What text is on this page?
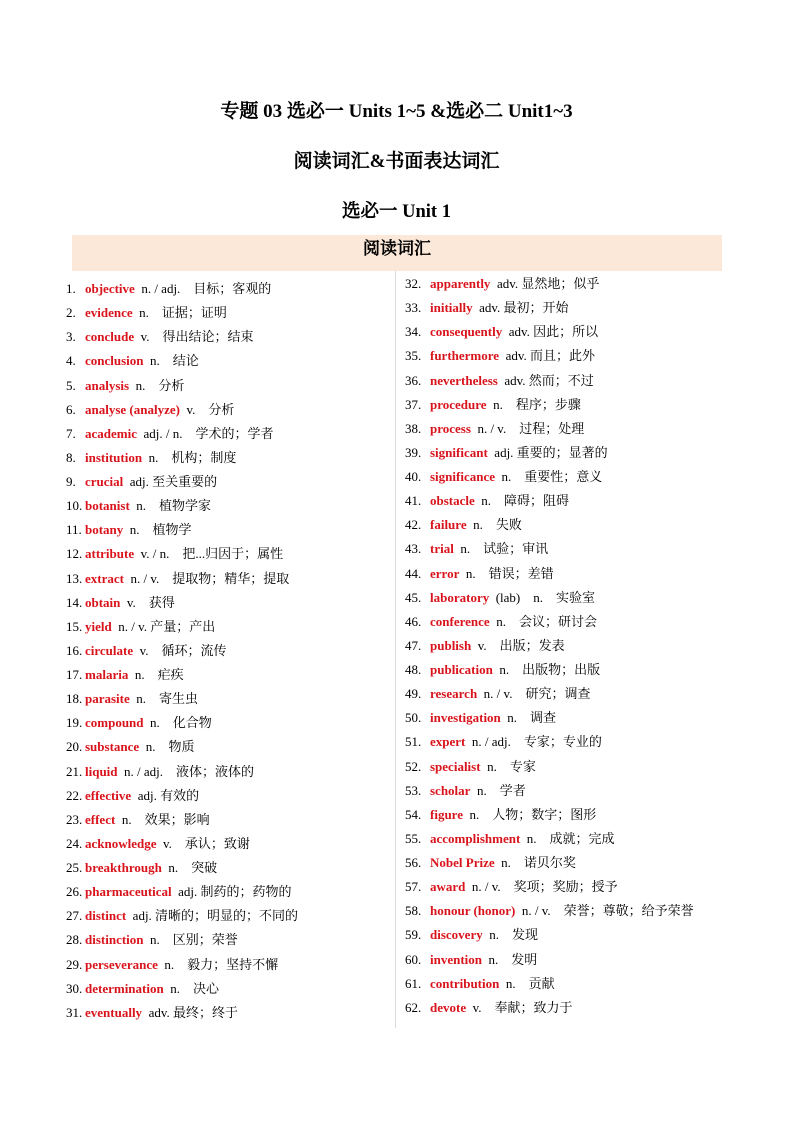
专题 03 选必一 Units 1~5 &选必二 Unit1~3
阅读词汇&书面表达词汇
选必一 Unit 1
阅读词汇
1. objective n. / adj.    目标；客观的
2. evidence n.    证据；证明
3. conclude v.    得出结论；结束
4. conclusion n.    结论
5. analysis n.    分析
6. analyse (analyze) v.    分析
7. academic adj. / n.    学术的；学者
8. institution n.    机构；制度
9. crucial adj. 至关重要的
10. botanist n.    植物学家
11. botany n.    植物学
12. attribute v. / n.    把...归因于；属性
13. extract n. / v.    提取物；精华；提取
14. obtain v.    获得
15. yield n. / v. 产量；产出
16. circulate v.    循环；流传
17. malaria n.    疟疾
18. parasite n.    寄生虫
19. compound n.    化合物
20. substance n.    物质
21. liquid n. / adj.    液体；液体的
22. effective adj. 有效的
23. effect n.    效果；影响
24. acknowledge v.    承认；致谢
25. breakthrough n.    突破
26. pharmaceutical adj. 制药的；药物的
27. distinct adj. 清晰的；明显的；不同的
28. distinction n.    区别；荣誉
29. perseverance n.    毅力；坚持不懈
30. determination n.    决心
31. eventually adv. 最终；终于
32. apparently adv. 显然地；似乎
33. initially adv. 最初；开始
34. consequently adv. 因此；所以
35. furthermore adv. 而且；此外
36. nevertheless adv. 然而；不过
37. procedure n.    程序；步骤
38. process n. / v.    过程；处理
39. significant adj. 重要的；显著的
40. significance n.    重要性；意义
41. obstacle n.    障碍；阻碍
42. failure n.    失败
43. trial n.    试验；审讯
44. error n.    错误；差错
45. laboratory (lab)    n.    实验室
46. conference n.    会议；研讨会
47. publish v.    出版；发表
48. publication n.    出版物；出版
49. research n. / v.    研究；调查
50. investigation n.    调查
51. expert n. / adj.    专家；专业的
52. specialist n.    专家
53. scholar n.    学者
54. figure n.    人物；数字；图形
55. accomplishment n.    成就；完成
56. Nobel Prize n.    诺贝尔奖
57. award n. / v.    奖项；奖励；授予
58. honour (honor) n. / v.    荣誉；尊敬；给予荣誉
59. discovery n.    发现
60. invention n.    发明
61. contribution n.    贡献
62. devote v.    奉献；致力于
